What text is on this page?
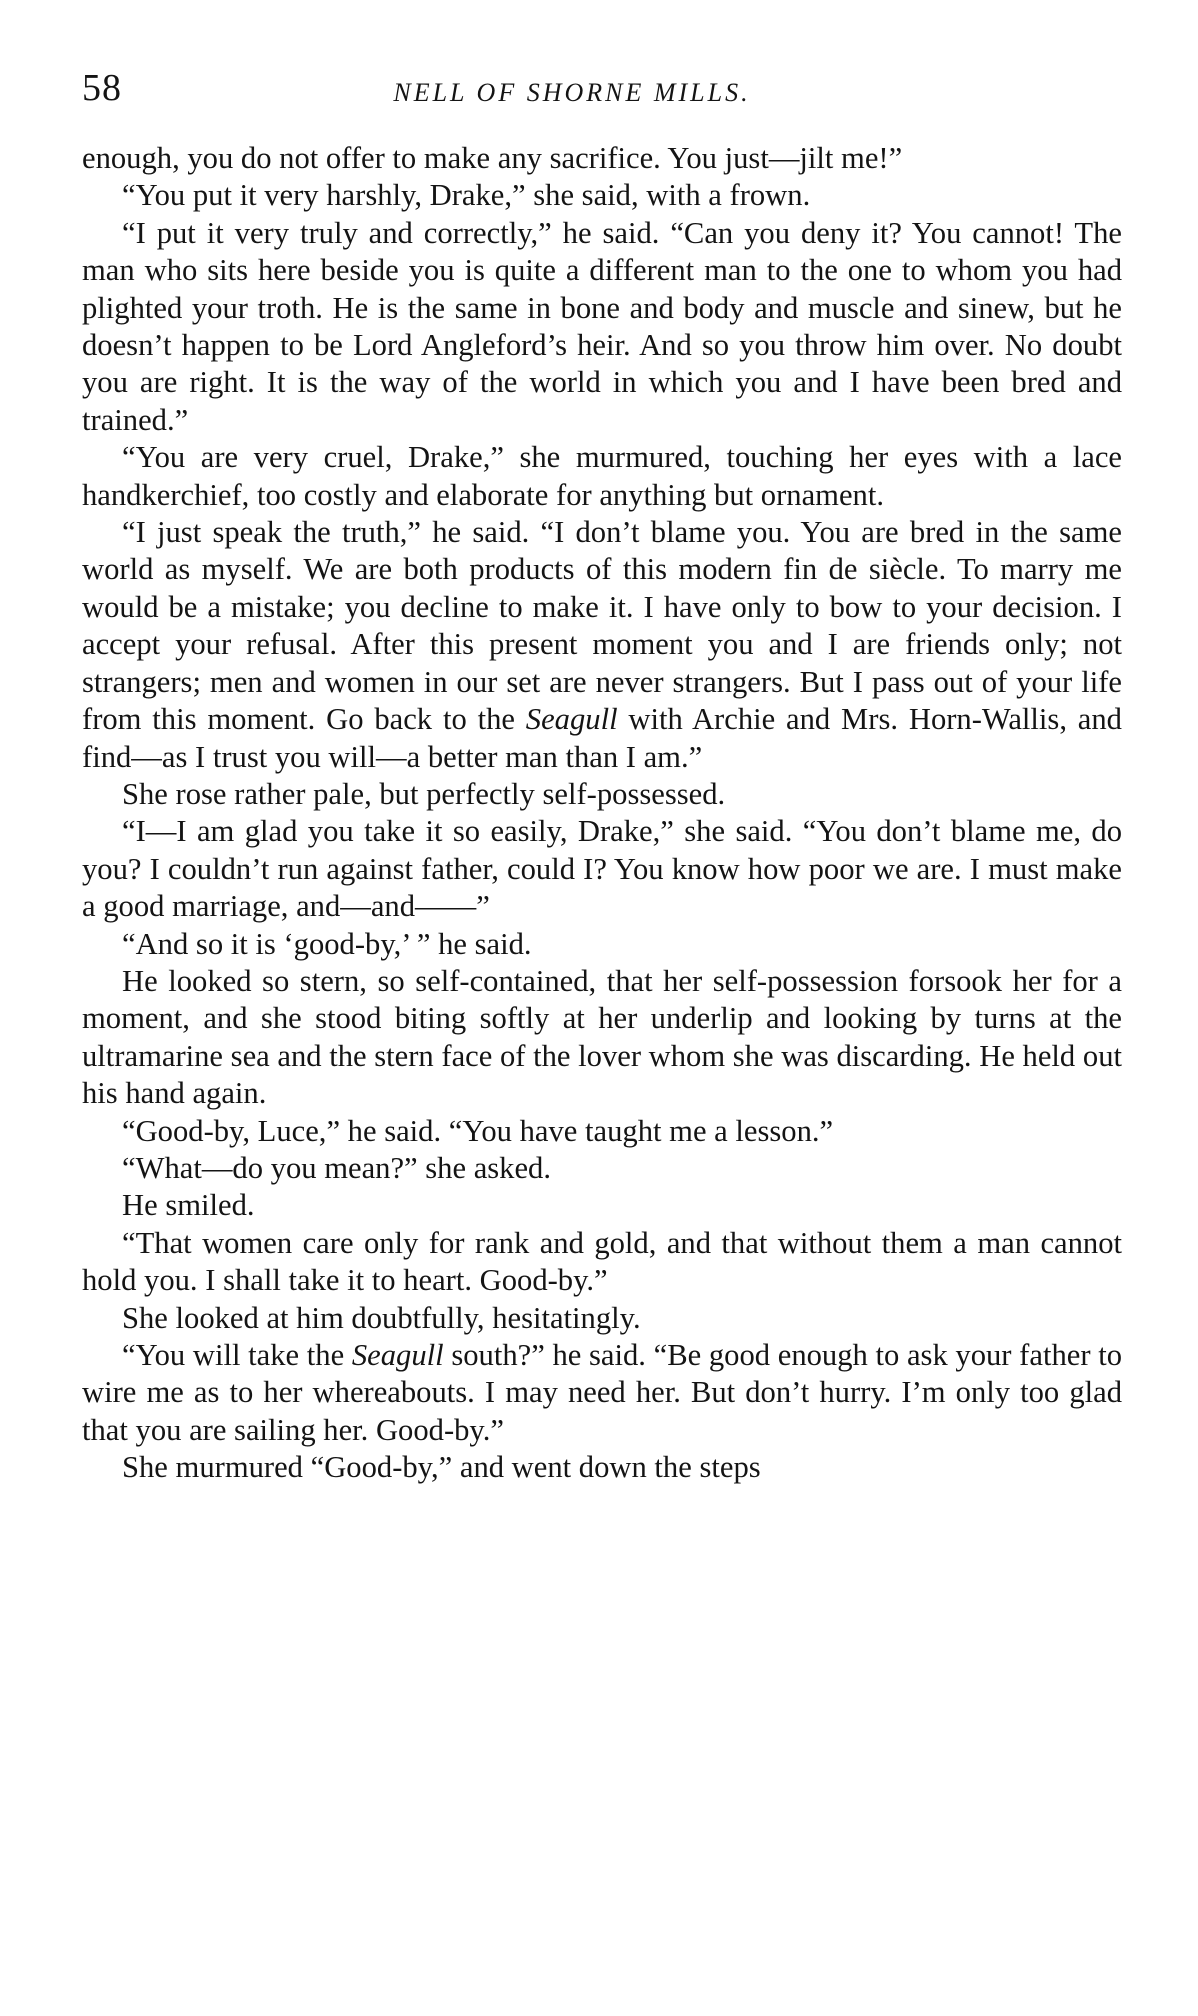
58	NELL OF SHORNE MILLS.

enough, you do not offer to make any sacrifice. You just—jilt me!”

“You put it very harshly, Drake,” she said, with a frown.

“I put it very truly and correctly,” he said. “Can you deny it? You cannot! The man who sits here beside you is quite a different man to the one to whom you had plighted your troth. He is the same in bone and body and muscle and sinew, but he doesn’t happen to be Lord Angleford’s heir. And so you throw him over. No doubt you are right. It is the way of the world in which you and I have been bred and trained.”

“You are very cruel, Drake,” she murmured, touching her eyes with a lace handkerchief, too costly and elaborate for anything but ornament.

“I just speak the truth,” he said. “I don’t blame you. You are bred in the same world as myself. We are both products of this modern fin de siècle. To marry me would be a mistake; you decline to make it. I have only to bow to your decision. I accept your refusal. After this present moment you and I are friends only; not strangers; men and women in our set are never strangers. But I pass out of your life from this moment. Go back to the Seagull with Archie and Mrs. Horn-Wallis, and find—as I trust you will—a better man than I am.”

She rose rather pale, but perfectly self-possessed.

“I—I am glad you take it so easily, Drake,” she said. “You don’t blame me, do you? I couldn’t run against father, could I? You know how poor we are. I must make a good marriage, and—and——”

“And so it is ‘good-by,’ ” he said.

He looked so stern, so self-contained, that her self-possession forsook her for a moment, and she stood biting softly at her underlip and looking by turns at the ultramarine sea and the stern face of the lover whom she was discarding. He held out his hand again.

“Good-by, Luce,” he said. “You have taught me a lesson.”

“What—do you mean?” she asked.

He smiled.

“That women care only for rank and gold, and that without them a man cannot hold you. I shall take it to heart. Good-by.”

She looked at him doubtfully, hesitatingly.

“You will take the Seagull south?” he said. “Be good enough to ask your father to wire me as to her whereabouts. I may need her. But don’t hurry. I’m only too glad that you are sailing her. Good-by.”

She murmured “Good-by,” and went down the steps
